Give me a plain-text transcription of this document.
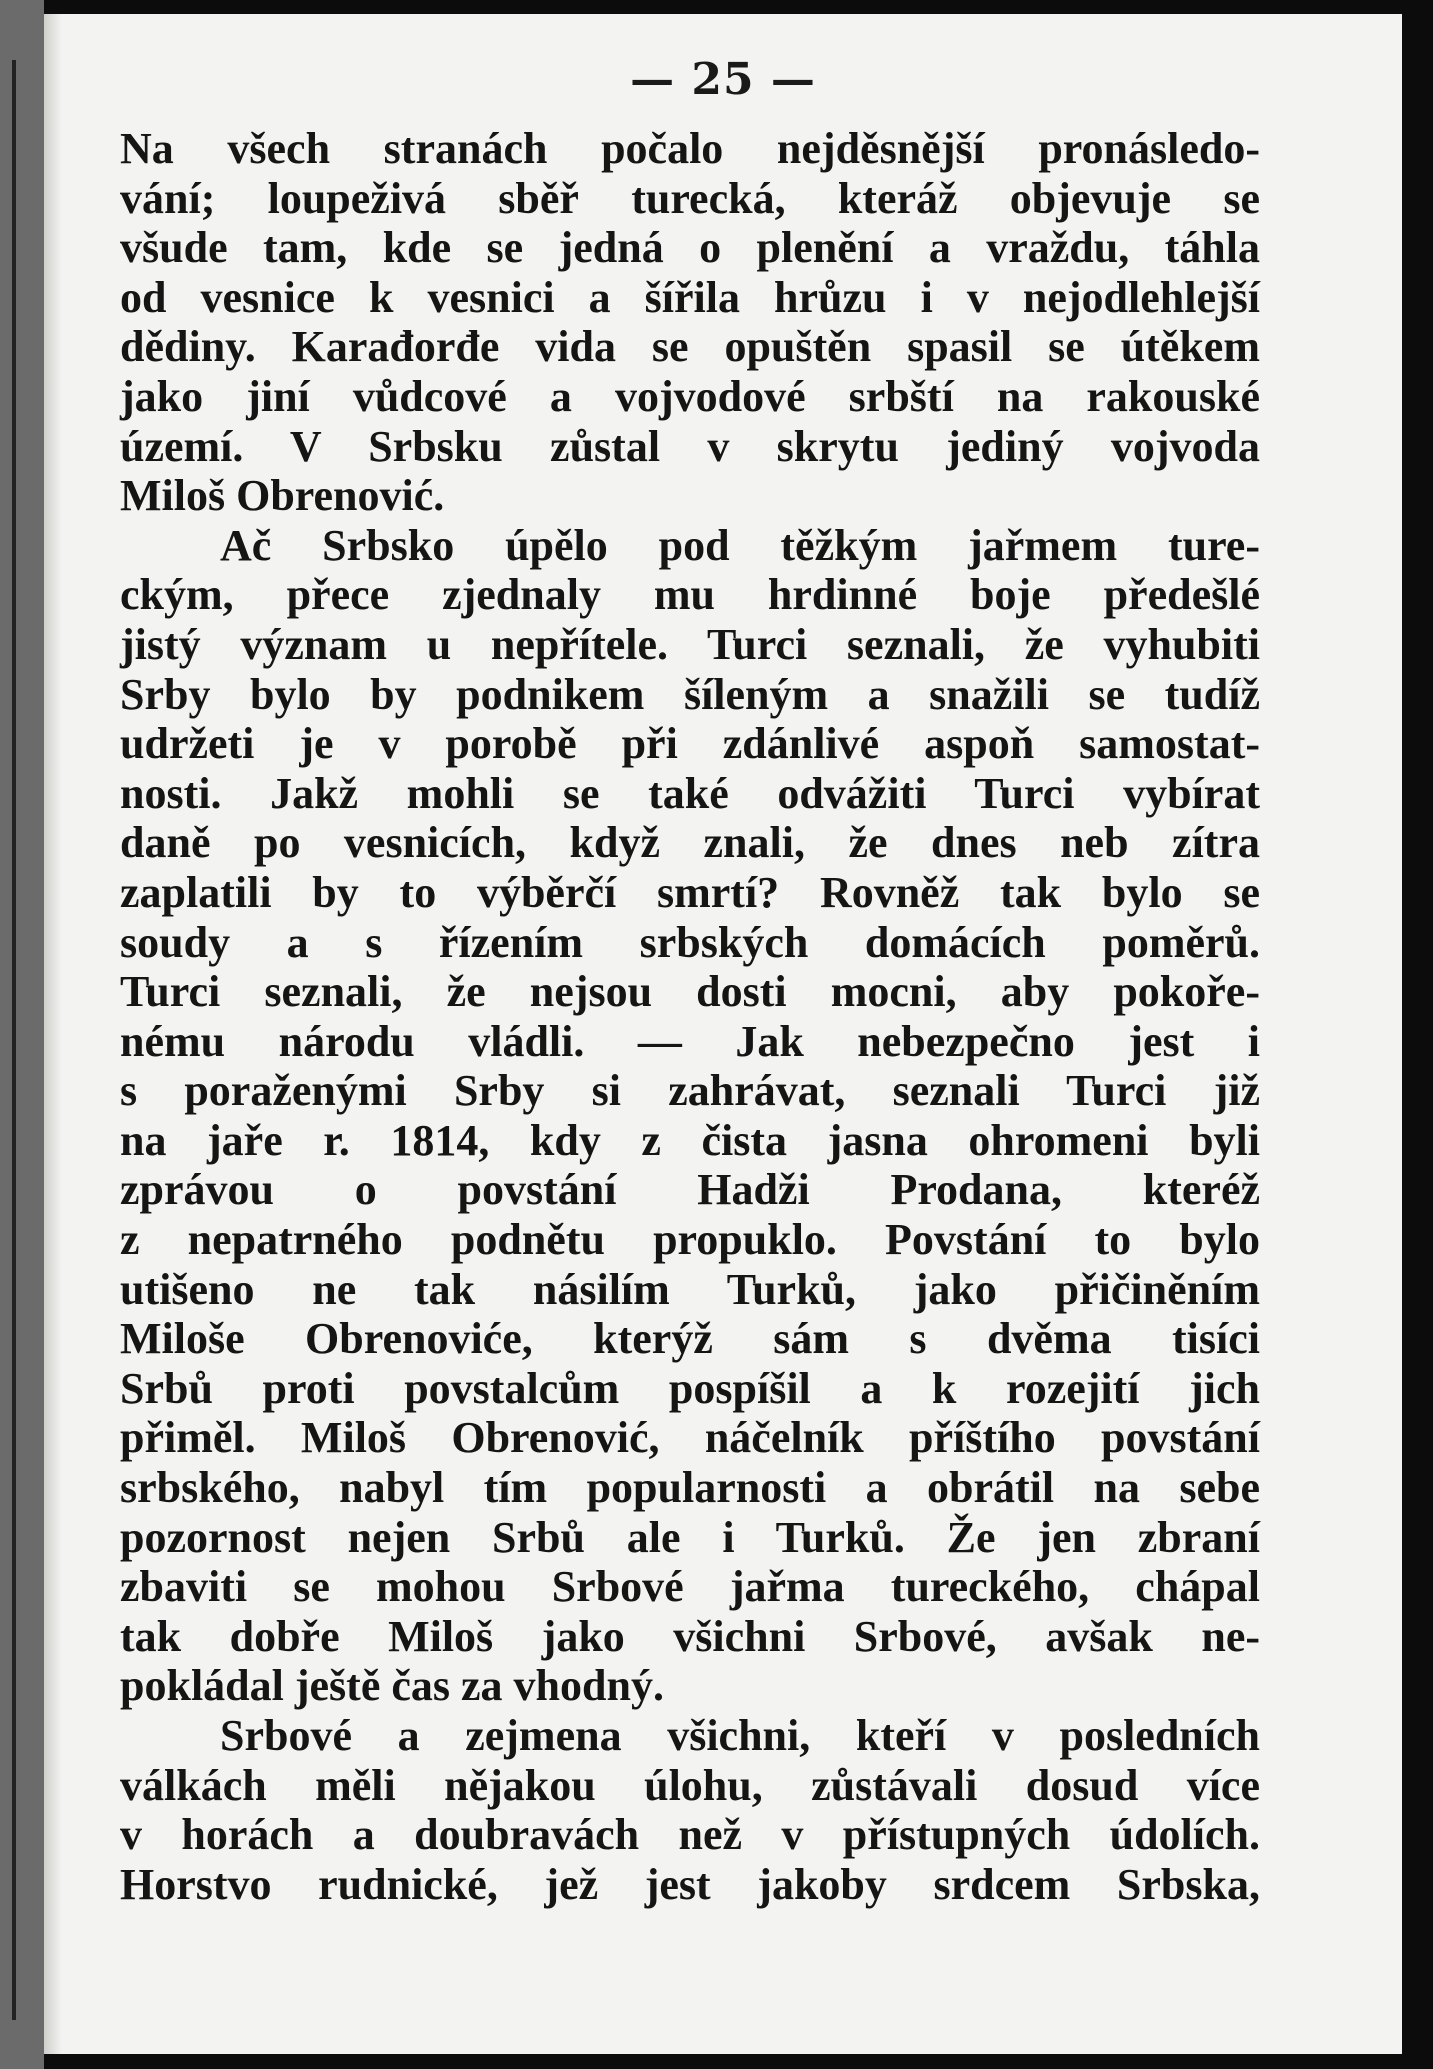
— 25 —
Na všech stranách počalo nejděsnější pronásledo-
vání; loupeživá sběř turecká, kteráž objevuje se
všude tam, kde se jedná o plenění a vraždu, táhla
od vesnice k vesnici a šířila hrůzu i v nejodlehlejší
dědiny. Karađorđe vida se opuštěn spasil se útěkem
jako jiní vůdcové a vojvodové srbští na rakouské
území. V Srbsku zůstal v skrytu jediný vojvoda
Miloš Obrenović.
Ač Srbsko úpělo pod těžkým jařmem ture-
ckým, přece zjednaly mu hrdinné boje předešlé
jistý význam u nepřítele. Turci seznali, že vyhubiti
Srby bylo by podnikem šíleným a snažili se tudíž
udržeti je v porobě při zdánlivé aspoň samostat-
nosti. Jakž mohli se také odvážiti Turci vybírat
daně po vesnicích, když znali, že dnes neb zítra
zaplatili by to výběrčí smrtí? Rovněž tak bylo se
soudy a s řízením srbských domácích poměrů.
Turci seznali, že nejsou dosti mocni, aby pokoře-
nému národu vládli. — Jak nebezpečno jest i
s poraženými Srby si zahrávat, seznali Turci již
na jaře r. 1814, kdy z čista jasna ohromeni byli
zprávou o povstání Hadži Prodana, kteréž
z nepatrného podnětu propuklo. Povstání to bylo
utišeno ne tak násilím Turků, jako přičiněním
Miloše Obrenoviće, kterýž sám s dvěma tisíci
Srbů proti povstalcům pospíšil a k rozejití jich
přiměl. Miloš Obrenović, náčelník příštího povstání
srbského, nabyl tím popularnosti a obrátil na sebe
pozornost nejen Srbů ale i Turků. Že jen zbraní
zbaviti se mohou Srbové jařma tureckého, chápal
tak dobře Miloš jako všichni Srbové, avšak ne-
pokládal ještě čas za vhodný.
Srbové a zejmena všichni, kteří v posledních
válkách měli nějakou úlohu, zůstávali dosud více
v horách a doubravách než v přístupných údolích.
Horstvo rudnické, jež jest jakoby srdcem Srbska,
